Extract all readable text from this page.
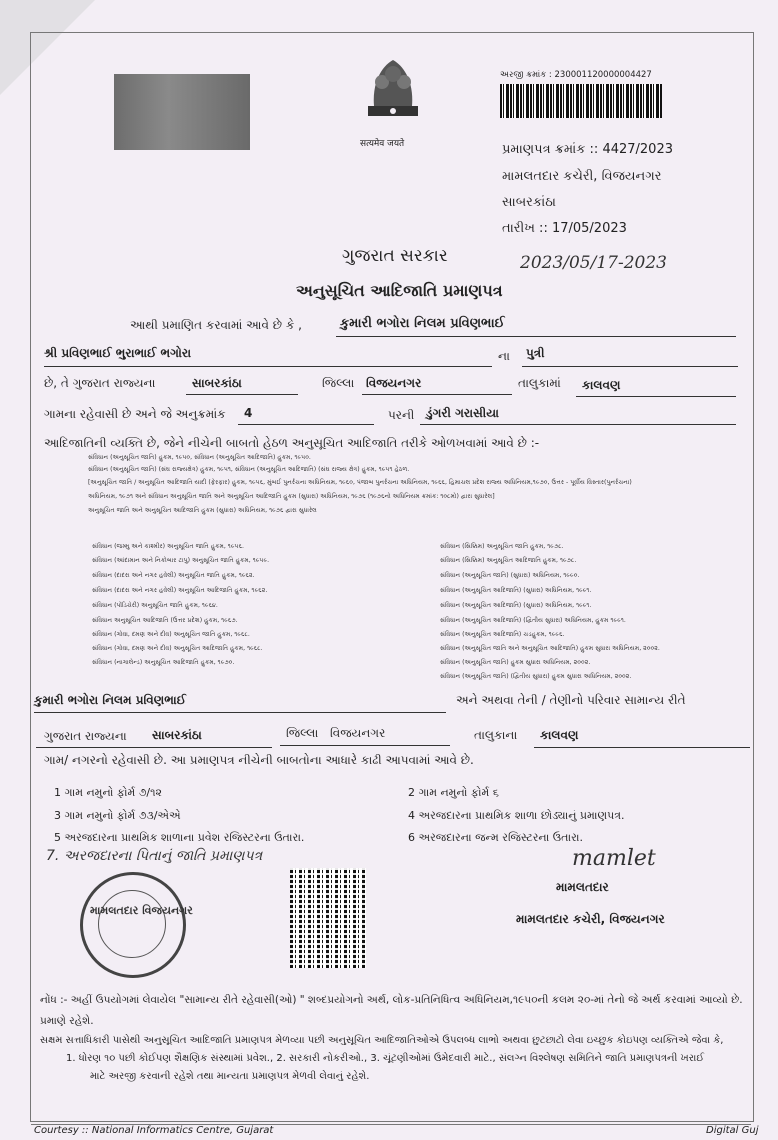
सत्यमेव जयते
અરજી ક્રમાંક : 230001120000004427
પ્રમાણપત્ર ક્રમાંક :: 4427/2023
મામલતદાર કચેરી, વિજયનગર
સાબરકાંઠા
તારીખ :: 17/05/2023
2023/05/17-2023
ગુજરાત સરકાર
અનુસૂચિત આદિજાતિ પ્રમાણપત્ર
આથી પ્રમાણિત કરવામાં આવે છે કે ,	કુમારી ભગોરા નિલમ પ્રવિણભાઈ
શ્રી પ્રવિણભાઈ ભુરાભાઈ ભગોરા	ના પુત્રી
છે, તે ગુજરાત રાજ્યના	સાબરકાંઠા	જિલ્લા વિજયનગર	તાલુકામાં કાલવણ
ગામના રહેવાસી છે અને જે અનુક્રમાંક 4	પરની ડુંગરી ગરાસીયા
આદિજાતિની વ્યક્તિ છે, જેને નીચેની બાબતો હેઠળ અનુસૂચિત આદિજાતિ તરીકે ઓળખવામાં આવે છે :-
સંવિધાન (અનુસૂચિત જાતિ) હુકમ, ૧૯૫૦, સંવિધાન (અનુસૂચિત આદિજાતિ) હુકમ, ૧૯૫૦.
સંવિધાન (અનુસૂચિત જાતિ) (સંઘ રાજ્યક્ષેત્ર) હુકમ, ૧૯૫૧, સંવિધાન (અનુસૂચિત આદિજાતિ) (સંઘ રાજ્ય ક્ષેત્ર) હુકમ, ૧૯૫૧ હેઠળ.
[અનુસૂચિત જાતિ / અનુસૂચિત આદિજાતિ યાદી (ફેરફાર) હુકમ, ૧૯૫૬, મુંબઈ પુનર્રચના અધિનિયમ, ૧૯૬૦, પંજાબ પુનર્રચના અધિનિયમ, ૧૯૬૬, હિમાચલ પ્રદેશ રાજ્ય અધિનિયમ,૧૯૭૦, ઉત્તર - પૂર્વીય વિસ્તાર(પુનર્રચના)
અધિનિયમ, ૧૯૭૧ અને સંવિધાન અનુસૂચિત જાતિ અને અનુસૂચિત આદિજાતિ હુકમ (સુધારા) અધિનિયમ, ૧૯૭૬ (૧૯૭૬નો અધિનિયમ ક્રમાંક: ૧૦૮મો) દ્વારા સુધારેલ]
અનુસૂચિત જાતિ અને અનુસૂચિત આદિજાતિ હુકમ (સુધારા) અધિનિયમ, ૧૯૭૬ દ્વારા સુધારેલ
સંવિધાન (જમ્મુ અને કાશ્મીર) અનુસૂચિત જાતિ હુકમ, ૧૯૫૬.
સંવિધાન (આંદામાન અને નિકોબાર ટાપુ) અનુસૂચિત જાતિ હુકમ, ૧૯૫૯.
સંવિધાન (દાદરા અને નગર હવેલી) અનુસૂચિત જાતિ હુકમ, ૧૯૬૨.
સંવિધાન (દાદરા અને નગર હવેલી) અનુસૂચિત આદિજાતિ હુકમ, ૧૯૬૨.
સંવિધાન (પોંડિચેરી) અનુસૂચિત જાતિ હુકમ, ૧૯૬૪.
સંવિધાન અનુસૂચિત આદિજાતિ (ઉત્તર પ્રદેશ) હુકમ, ૧૯૬૭.
સંવિધાન (ગોવા, દમણ અને દીવ) અનુસૂચિત જાતિ હુકમ, ૧૯૬૮.
સંવિધાન (ગોવા, દમણ અને દીવ) અનુસૂચિત આદિજાતિ હુકમ, ૧૯૬૮.
સંવિધાન (નાગાલેન્ડ) અનુસૂચિત આદિજાતિ હુકમ, ૧૯૭૦.
સંવિધાન (સિક્કિમ) અનુસૂચિત જાતિ હુકમ, ૧૯૭૮.
સંવિધાન (સિક્કિમ) અનુસૂચિત આદિજાતિ હુકમ, ૧૯૭૮.
સંવિધાન (અનુસૂચિત જાતિ) (સુધારા) અધિનિયમ, ૧૯૯૦.
સંવિધાન (અનુસૂચિત આદિજાતિ) (સુધારા) અધિનિયમ, ૧૯૯૧.
સંવિધાન (અનુસૂચિત આદિજાતિ) (સુધારા) અધિનિયમ, ૧૯૯૧.
સંવિધાન (અનુસૂચિત આદિજાતિ) (દ્વિતીય સુધારા) અધિનિયમ, હુકમ ૧૯૯૧.
સંવિધાન (અનુસૂચિત આદિજાતિ) ચડહુકમ, ૧૯૯૬.
સંવિધાન (અનુસૂચિત જાતિ અને અનુસૂચિત આદિજાતિ) હુકમ સુધારા અધિનિયમ, ૨૦૦૨.
સંવિધાન (અનુસૂચિત જાતિ) હુકમ સુધારા અધિનિયમ, ૨૦૦૨.
સંવિધાન (અનુસૂચિત જાતિ) (દ્વિતીય સુધારા) હુકમ સુધારા અધિનિયમ, ૨૦૦૨.
કુમારી ભગોરા નિલમ પ્રવિણભાઈ	અને અથવા તેની / તેણીનો પરિવાર સામાન્ય રીતે
ગુજરાત રાજ્યના સાબરકાંઠા	જિલ્લા વિજયનગર	તાલુકાના કાલવણ
ગામ/ નગરનો રહેવાસી છે. આ પ્રમાણપત્ર નીચેની બાબતોના આધારે કાઢી આપવામાં આવે છે.
1 ગામ નમુનો ફોર્મ ૭/૧૨	2 ગામ નમુનો ફોર્મ ૬
3 ગામ નમુનો ફોર્મ ૭૩/એએ	4 અરજદારના પ્રાથમિક શાળા છોડ્યાનું પ્રમાણપત્ર.
5 અરજદારના પ્રાથમિક શાળાના પ્રવેશ રજિસ્ટરના ઉતારા.	6 અરજદારના જન્મ રજિસ્ટરના ઉતારા.
7. અરજદારના પિતાનું જાતિ પ્રમાણપત્ર
મામલતદાર વિજયનગર
mamlet
મામલતદાર
મામલતદાર કચેરી, વિજયનગર
નોંધ :- અહીં ઉપયોગમાં લેવાયેલ "સામાન્ય રીતે રહેવાસી(ઓ) " શબ્દપ્રયોગનો અર્થ, લોક-પ્રતિનિધિત્વ અધિનિયમ,૧૯૫૦ની કલમ ૨૦-માં તેનો જે અર્થ કરવામાં આવ્યો છે.
પ્રમાણે રહેશે.
સક્ષમ સત્તાધિકારી પાસેથી અનુસૂચિત આદિજાતિ પ્રમાણપત્ર મેળવ્યા પછી અનુસૂચિત આદિજાતિઓએ ઉપલબ્ધ લાભો અથવા છુટછાટો લેવા ઇચ્છુક કોઇપણ વ્યક્તિએ જેવા કે,
1. ધોરણ ૧૦ પછી કોઈપણ શૈક્ષણિક સંસ્થામાં પ્રવેશ., 2. સરકારી નોકરીઓ., 3. ચૂંટણીઓમાં ઉમેદવારી માટે., સંલગ્ન વિશ્લેષણ સમિતિને જાતિ પ્રમાણપત્રની ખરાઈ
માટે અરજી કરવાની રહેશે તથા માન્યતા પ્રમાણપત્ર મેળવી લેવાનું રહેશે.
Courtesy :: National Informatics Centre, Gujarat	Digital Guj
